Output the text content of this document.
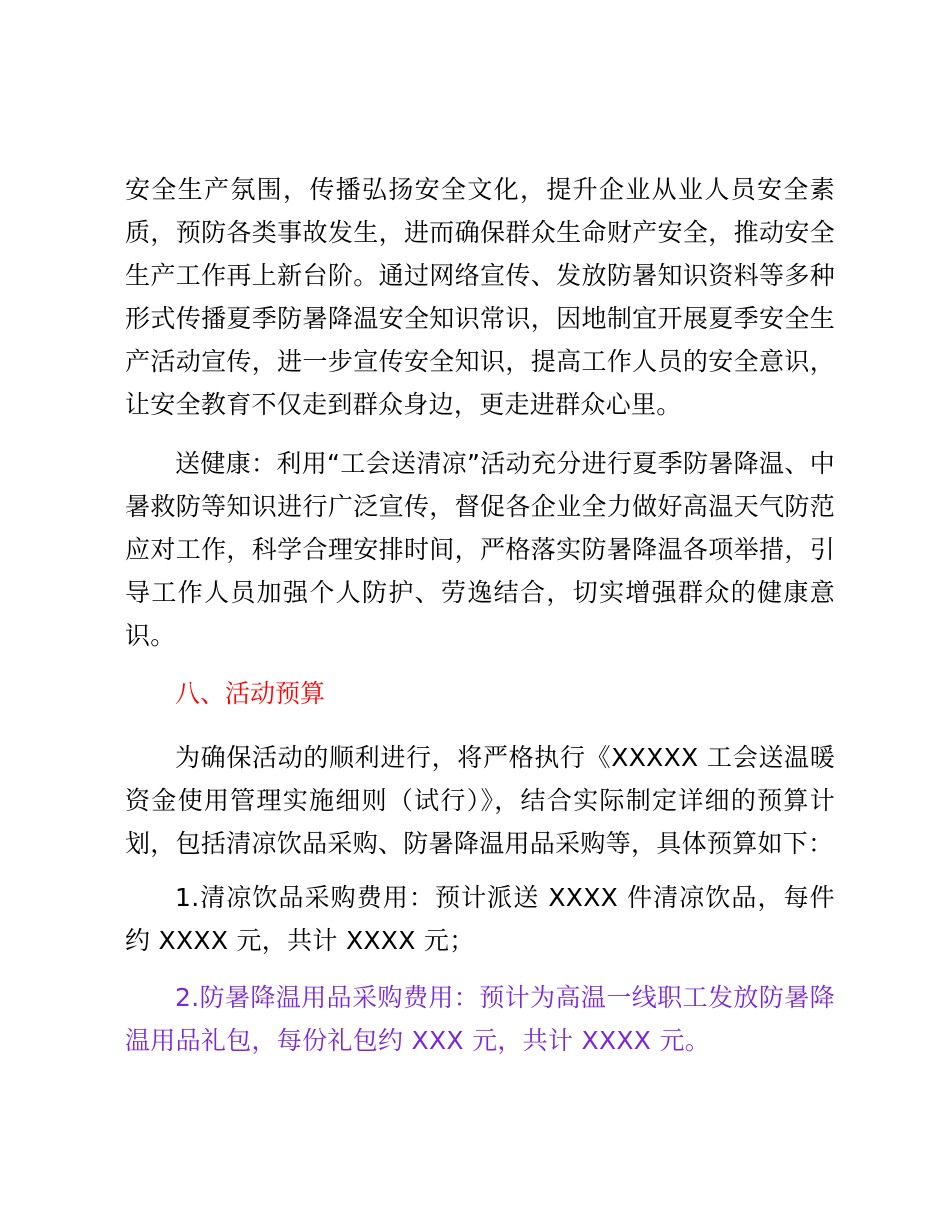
安全生产氛围，传播弘扬安全文化，提升企业从业人员安全素质，预防各类事故发生，进而确保群众生命财产安全，推动安全生产工作再上新台阶。通过网络宣传、发放防暑知识资料等多种形式传播夏季防暑降温安全知识常识，因地制宜开展夏季安全生产活动宣传，进一步宣传安全知识，提高工作人员的安全意识，让安全教育不仅走到群众身边，更走进群众心里。

送健康：利用“工会送清凉”活动充分进行夏季防暑降温、中暑救防等知识进行广泛宣传，督促各企业全力做好高温天气防范应对工作，科学合理安排时间，严格落实防暑降温各项举措，引导工作人员加强个人防护、劳逸结合，切实增强群众的健康意识。

八、活动预算

为确保活动的顺利进行，将严格执行《XXXXX 工会送温暖资金使用管理实施细则（试行）》，结合实际制定详细的预算计划，包括清凉饮品采购、防暑降温用品采购等，具体预算如下：

1.清凉饮品采购费用：预计派送 XXXX 件清凉饮品，每件约 XXXX 元，共计 XXXX 元；

2.防暑降温用品采购费用：预计为高温一线职工发放防暑降温用品礼包，每份礼包约 XXX 元，共计 XXXX 元。
